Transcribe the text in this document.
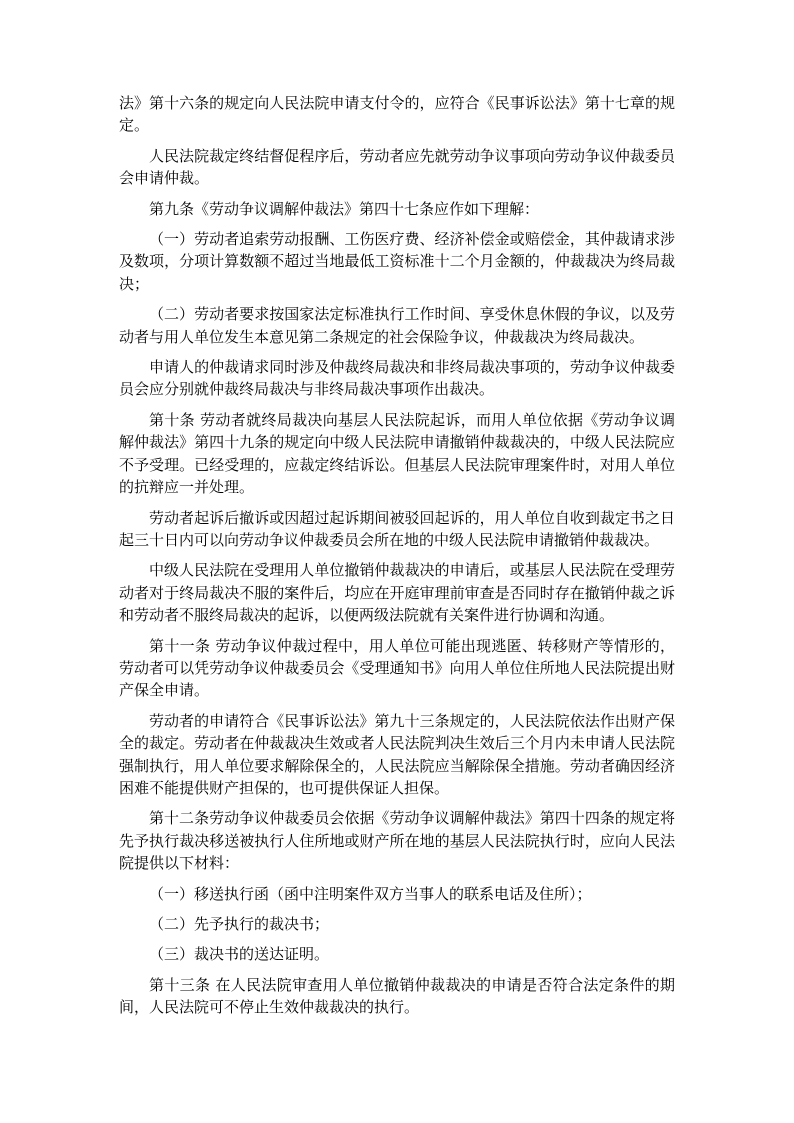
法》第十六条的规定向人民法院申请支付令的，应符合《民事诉讼法》第十七章的规定。

人民法院裁定终结督促程序后，劳动者应先就劳动争议事项向劳动争议仲裁委员会申请仲裁。

第九条《劳动争议调解仲裁法》第四十七条应作如下理解：

（一）劳动者追索劳动报酬、工伤医疗费、经济补偿金或赔偿金，其仲裁请求涉及数项，分项计算数额不超过当地最低工资标准十二个月金额的，仲裁裁决为终局裁决；

（二）劳动者要求按国家法定标准执行工作时间、享受休息休假的争议，以及劳动者与用人单位发生本意见第二条规定的社会保险争议，仲裁裁决为终局裁决。

申请人的仲裁请求同时涉及仲裁终局裁决和非终局裁决事项的，劳动争议仲裁委员会应分别就仲裁终局裁决与非终局裁决事项作出裁决。

第十条 劳动者就终局裁决向基层人民法院起诉，而用人单位依据《劳动争议调解仲裁法》第四十九条的规定向中级人民法院申请撤销仲裁裁决的，中级人民法院应不予受理。已经受理的，应裁定终结诉讼。但基层人民法院审理案件时，对用人单位的抗辩应一并处理。

劳动者起诉后撤诉或因超过起诉期间被驳回起诉的，用人单位自收到裁定书之日起三十日内可以向劳动争议仲裁委员会所在地的中级人民法院申请撤销仲裁裁决。

中级人民法院在受理用人单位撤销仲裁裁决的申请后，或基层人民法院在受理劳动者对于终局裁决不服的案件后，均应在开庭审理前审查是否同时存在撤销仲裁之诉和劳动者不服终局裁决的起诉，以便两级法院就有关案件进行协调和沟通。

第十一条 劳动争议仲裁过程中，用人单位可能出现逃匿、转移财产等情形的，劳动者可以凭劳动争议仲裁委员会《受理通知书》向用人单位住所地人民法院提出财产保全申请。

劳动者的申请符合《民事诉讼法》第九十三条规定的，人民法院依法作出财产保全的裁定。劳动者在仲裁裁决生效或者人民法院判决生效后三个月内未申请人民法院强制执行，用人单位要求解除保全的，人民法院应当解除保全措施。劳动者确因经济困难不能提供财产担保的，也可提供保证人担保。

第十二条劳动争议仲裁委员会依据《劳动争议调解仲裁法》第四十四条的规定将先予执行裁决移送被执行人住所地或财产所在地的基层人民法院执行时，应向人民法院提供以下材料：

（一）移送执行函（函中注明案件双方当事人的联系电话及住所）；

（二）先予执行的裁决书；

（三）裁决书的送达证明。

第十三条 在人民法院审查用人单位撤销仲裁裁决的申请是否符合法定条件的期间，人民法院可不停止生效仲裁裁决的执行。
